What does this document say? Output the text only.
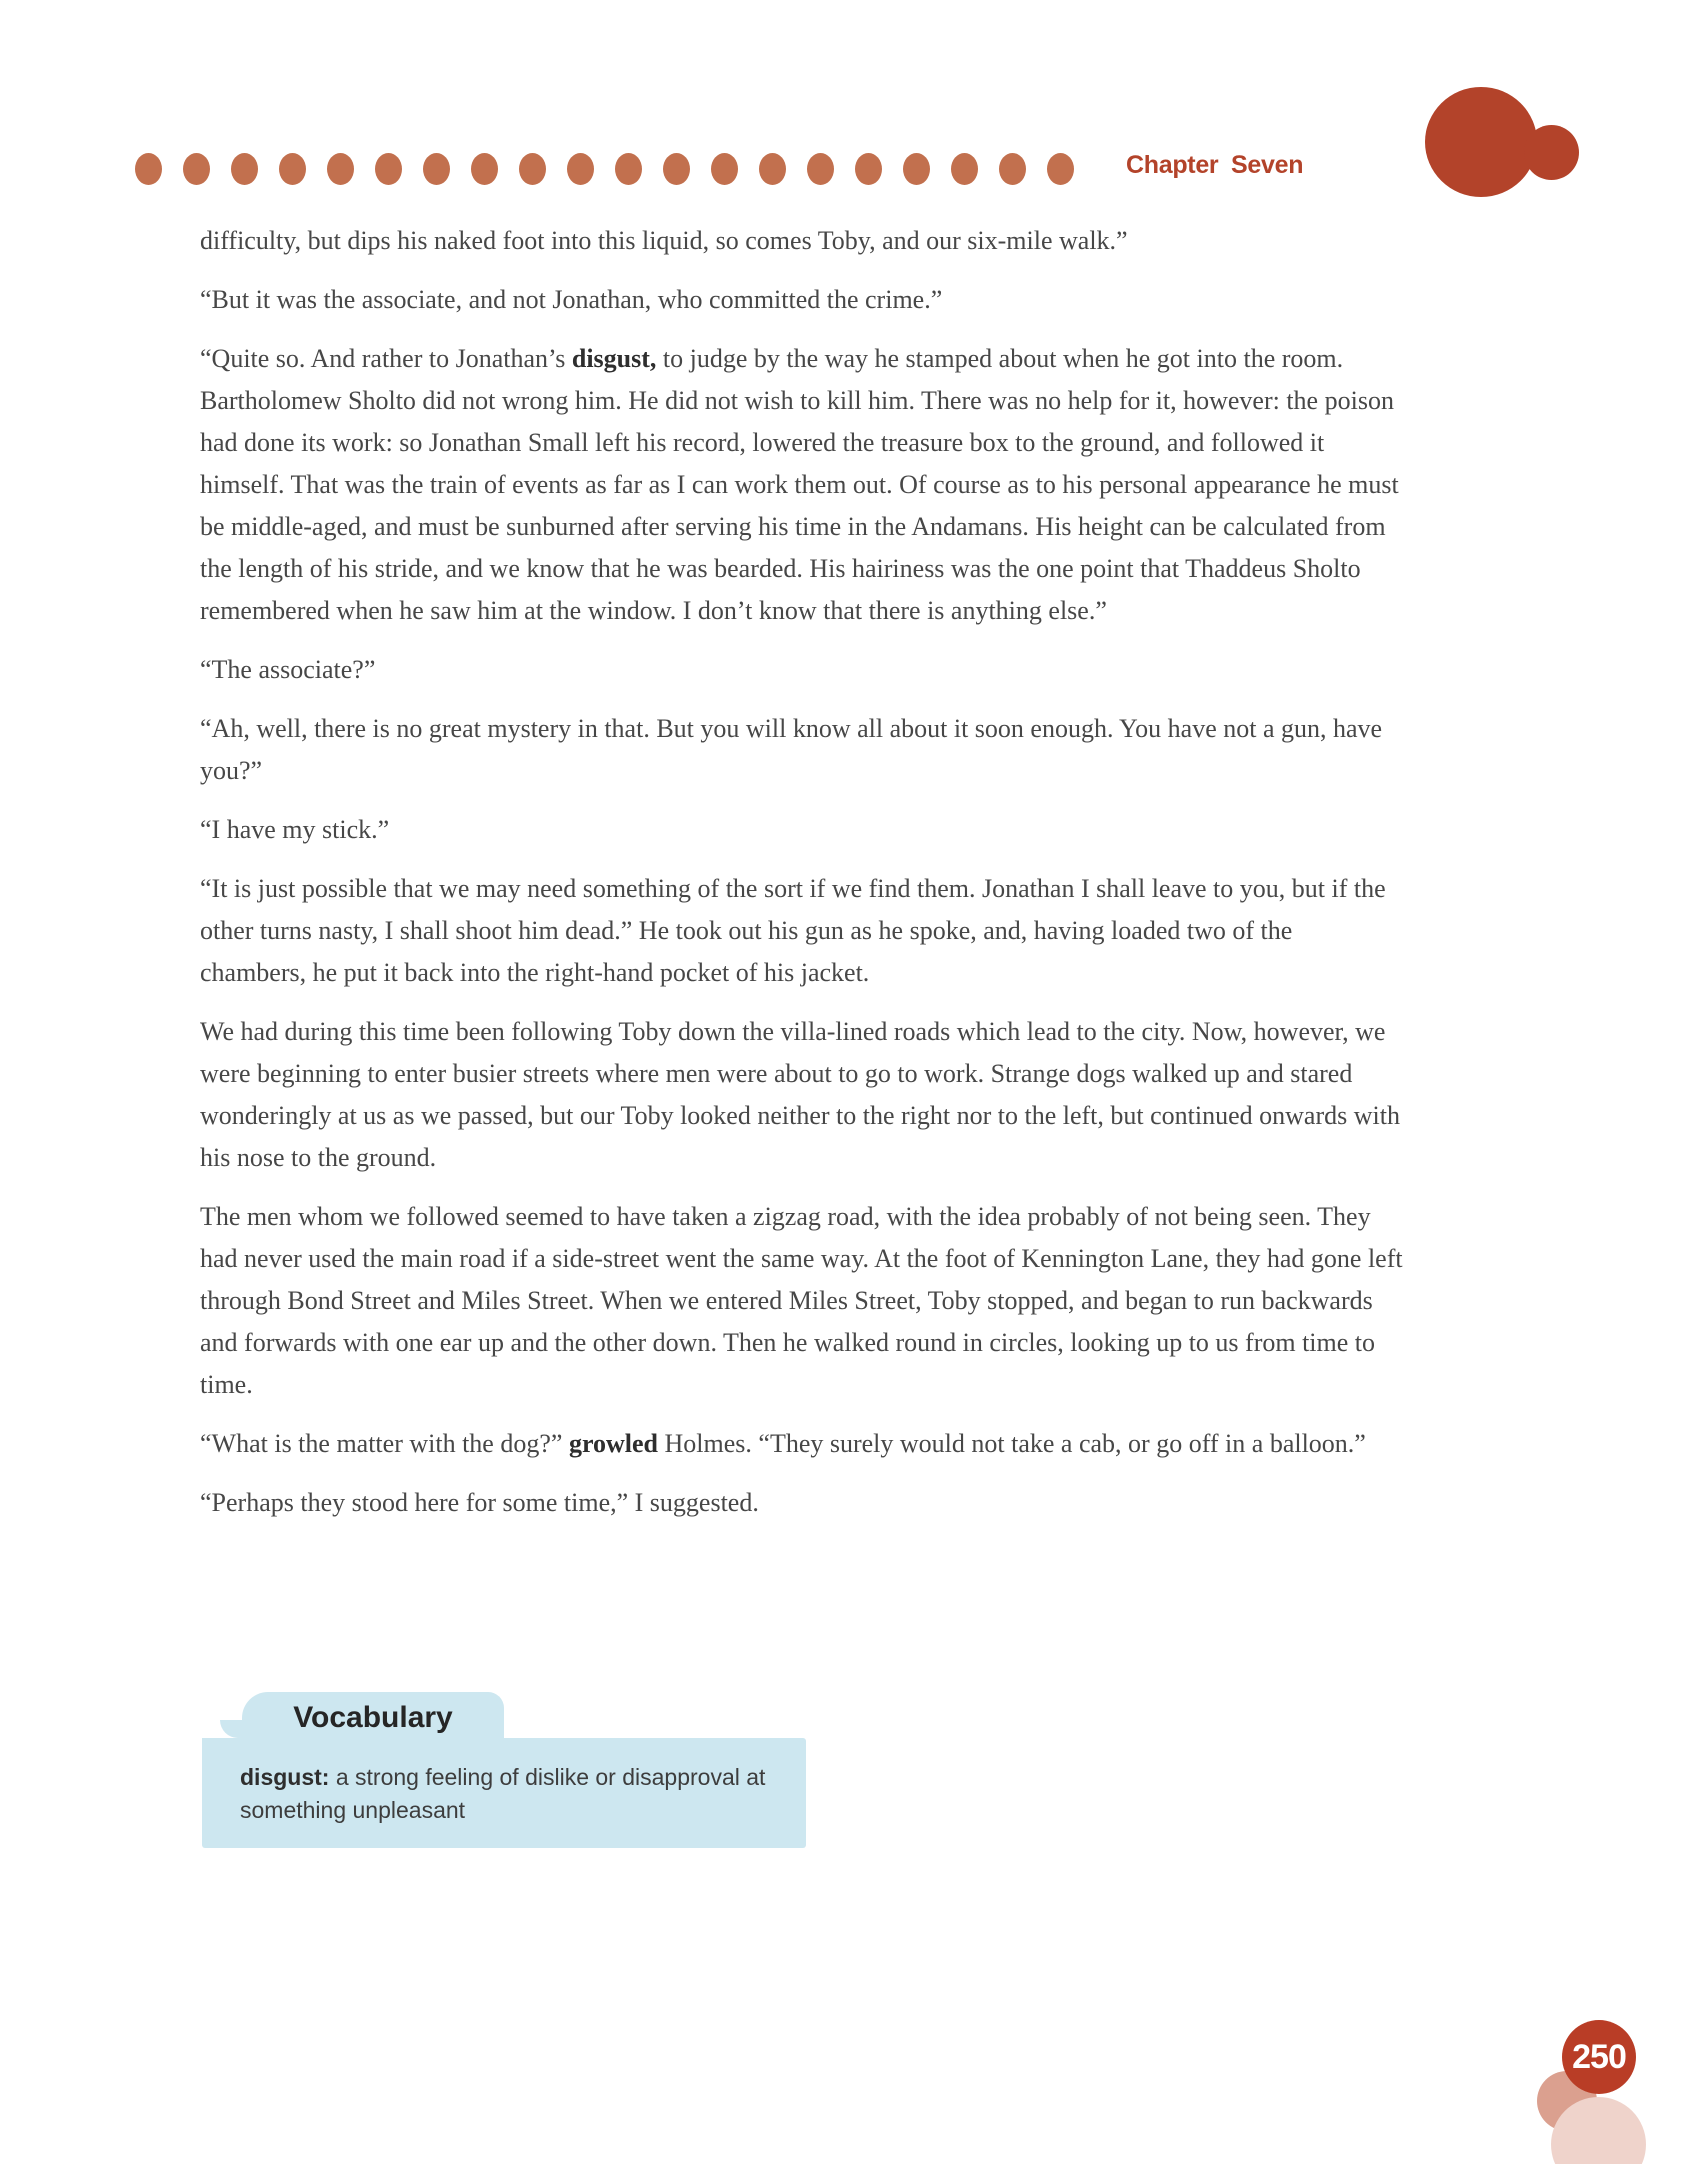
Chapter Seven

difficulty, but dips his naked foot into this liquid, so comes Toby, and our six-mile walk.”

“But it was the associate, and not Jonathan, who committed the crime.”

“Quite so. And rather to Jonathan’s disgust, to judge by the way he stamped about when he got into the room. Bartholomew Sholto did not wrong him. He did not wish to kill him. There was no help for it, however: the poison had done its work: so Jonathan Small left his record, lowered the treasure box to the ground, and followed it himself. That was the train of events as far as I can work them out. Of course as to his personal appearance he must be middle-aged, and must be sunburned after serving his time in the Andamans. His height can be calculated from the length of his stride, and we know that he was bearded. His hairiness was the one point that Thaddeus Sholto remembered when he saw him at the window. I don’t know that there is anything else.”

“The associate?”

“Ah, well, there is no great mystery in that. But you will know all about it soon enough. You have not a gun, have you?”

“I have my stick.”

“It is just possible that we may need something of the sort if we find them. Jonathan I shall leave to you, but if the other turns nasty, I shall shoot him dead.” He took out his gun as he spoke, and, having loaded two of the chambers, he put it back into the right-hand pocket of his jacket.

We had during this time been following Toby down the villa-lined roads which lead to the city. Now, however, we were beginning to enter busier streets where men were about to go to work. Strange dogs walked up and stared wonderingly at us as we passed, but our Toby looked neither to the right nor to the left, but continued onwards with his nose to the ground.

The men whom we followed seemed to have taken a zigzag road, with the idea probably of not being seen. They had never used the main road if a side-street went the same way. At the foot of Kennington Lane, they had gone left through Bond Street and Miles Street. When we entered Miles Street, Toby stopped, and began to run backwards and forwards with one ear up and the other down. Then he walked round in circles, looking up to us from time to time.

“What is the matter with the dog?” growled Holmes. “They surely would not take a cab, or go off in a balloon.”

“Perhaps they stood here for some time,” I suggested.

Vocabulary
disgust: a strong feeling of dislike or disapproval at something unpleasant
250
